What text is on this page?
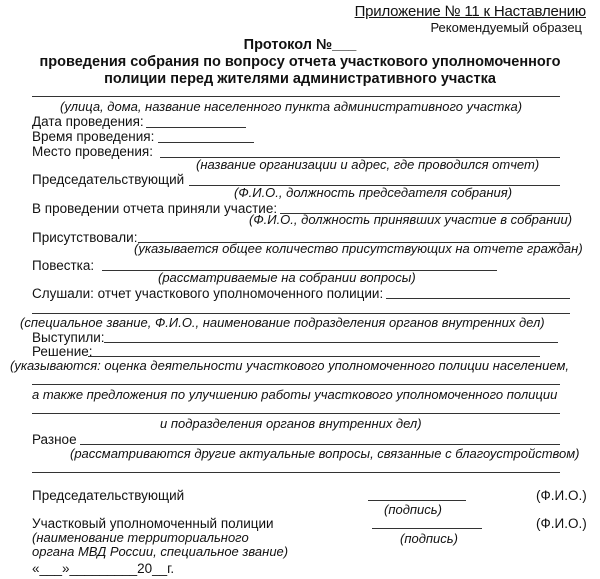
Приложение № 11 к Наставлению
Рекомендуемый образец
Протокол №___
проведения собрания по вопросу отчета участкового уполномоченного
полиции перед жителями административного участка
(улица, дома, название населенного пункта административного участка)
Дата проведения:
Время проведения:
Место проведения:
(название организации и адрес, где проводился отчет)
Председательствующий
(Ф.И.О., должность председателя собрания)
В проведении отчета приняли участие:
(Ф.И.О., должность принявших участие в собрании)
Присутствовали:
(указывается общее количество присутствующих на отчете граждан)
Повестка:
(рассматриваемые на собрании вопросы)
Слушали: отчет участкового уполномоченного полиции:
(специальное звание, Ф.И.О., наименование подразделения органов внутренних дел)
Выступили:
Решение:
(указываются: оценка деятельности участкового уполномоченного полиции населением,
а также предложения по улучшению работы участкового уполномоченного полиции
и подразделения органов внутренних дел)
Разное
(рассматриваются другие актуальные вопросы, связанные с благоустройством)
Председательствующий
(подпись)
(Ф.И.О.)
Участковый уполномоченный полиции
(наименование территориального
органа МВД России, специальное звание)
(подпись)
(Ф.И.О.)
«___»_________20__г.
